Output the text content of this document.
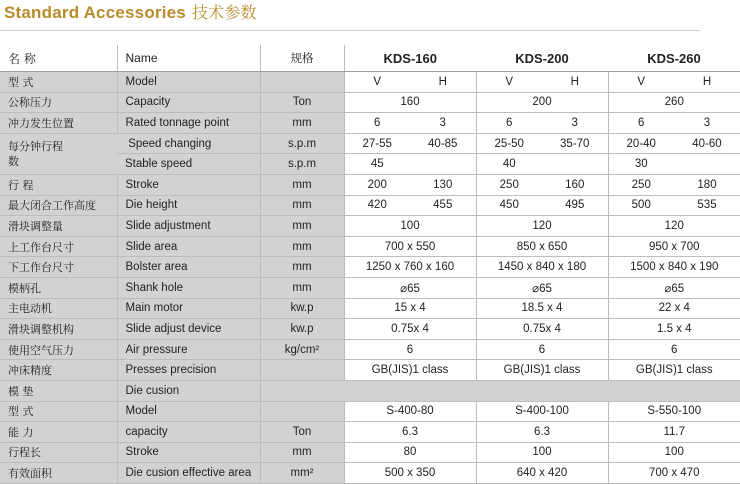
Standard Accessories 技术参数
名 称	Name	规格	KDS-160		KDS-200		KDS-260	
型 式	Model		V	H	V	H	V	H
公称压力	Capacity	Ton	160		200		260	
冲力发生位置	Rated tonnage point	mm	6	3	6	3	6	3

每分钟行程数	Speed changing	s.p.m	27-55	40-85	25-50	35-70	20-40	40-60
	Stable speed	s.p.m	45		40		30	
行 程	Stroke	mm	200	130	250	160	250	180
最大闭合工作高度	Die height	mm	420	455	450	495	500	535
滑块调整量	Slide adjustment	mm	100		120		120	
上工作台尺寸	Slide area	mm	700 x 550		850 x 650		950 x 700	
下工作台尺寸	Bolster area	mm	1250 x 760 x 160		1450 x 840 x 180		1500 x 840 x 190	
模柄孔	Shank hole	mm	⌀65		⌀65		⌀65	
主电动机	Main motor	kw.p	15 x 4		18.5 x 4		22 x 4	
滑块调整机构	Slide adjust device	kw.p	0.75x 4		0.75x 4		1.5 x 4	
使用空气压力	Air pressure	kg/cm²	6		6		6	
冲床精度	Presses precision		GB(JIS)1 class		GB(JIS)1 class		GB(JIS)1 class	
模 垫	Die cusion							
型 式	Model		S-400-80		S-400-100		S-550-100	
能 力	capacity	Ton	6.3		6.3		11.7	
行程长	Stroke	mm	80		100		100	
有效面积	Die cusion effective area	mm²	500 x 350		640 x 420		700 x 470	
